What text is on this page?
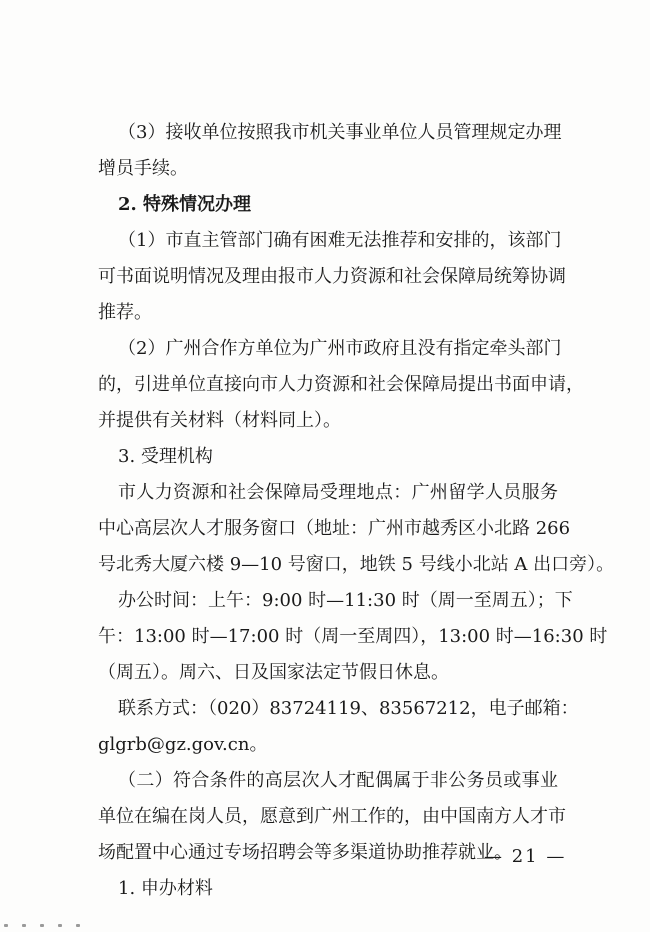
（3）接收单位按照我市机关事业单位人员管理规定办理
增员手续。
2. 特殊情况办理
（1）市直主管部门确有困难无法推荐和安排的，该部门
可书面说明情况及理由报市人力资源和社会保障局统筹协调
推荐。
（2）广州合作方单位为广州市政府且没有指定牵头部门
的，引进单位直接向市人力资源和社会保障局提出书面申请，
并提供有关材料（材料同上）。
3. 受理机构
市人力资源和社会保障局受理地点：广州留学人员服务
中心高层次人才服务窗口（地址：广州市越秀区小北路 266
号北秀大厦六楼 9—10 号窗口，地铁 5 号线小北站 A 出口旁）。
办公时间：上午：9:00 时—11:30 时（周一至周五）；下
午：13:00 时—17:00 时（周一至周四），13:00 时—16:30 时
（周五）。周六、日及国家法定节假日休息。
联系方式：（020）83724119、83567212，电子邮箱：
glgrb@gz.gov.cn。
（二）符合条件的高层次人才配偶属于非公务员或事业
单位在编在岗人员，愿意到广州工作的，由中国南方人才市
场配置中心通过专场招聘会等多渠道协助推荐就业。
1. 申办材料
— 21 —
